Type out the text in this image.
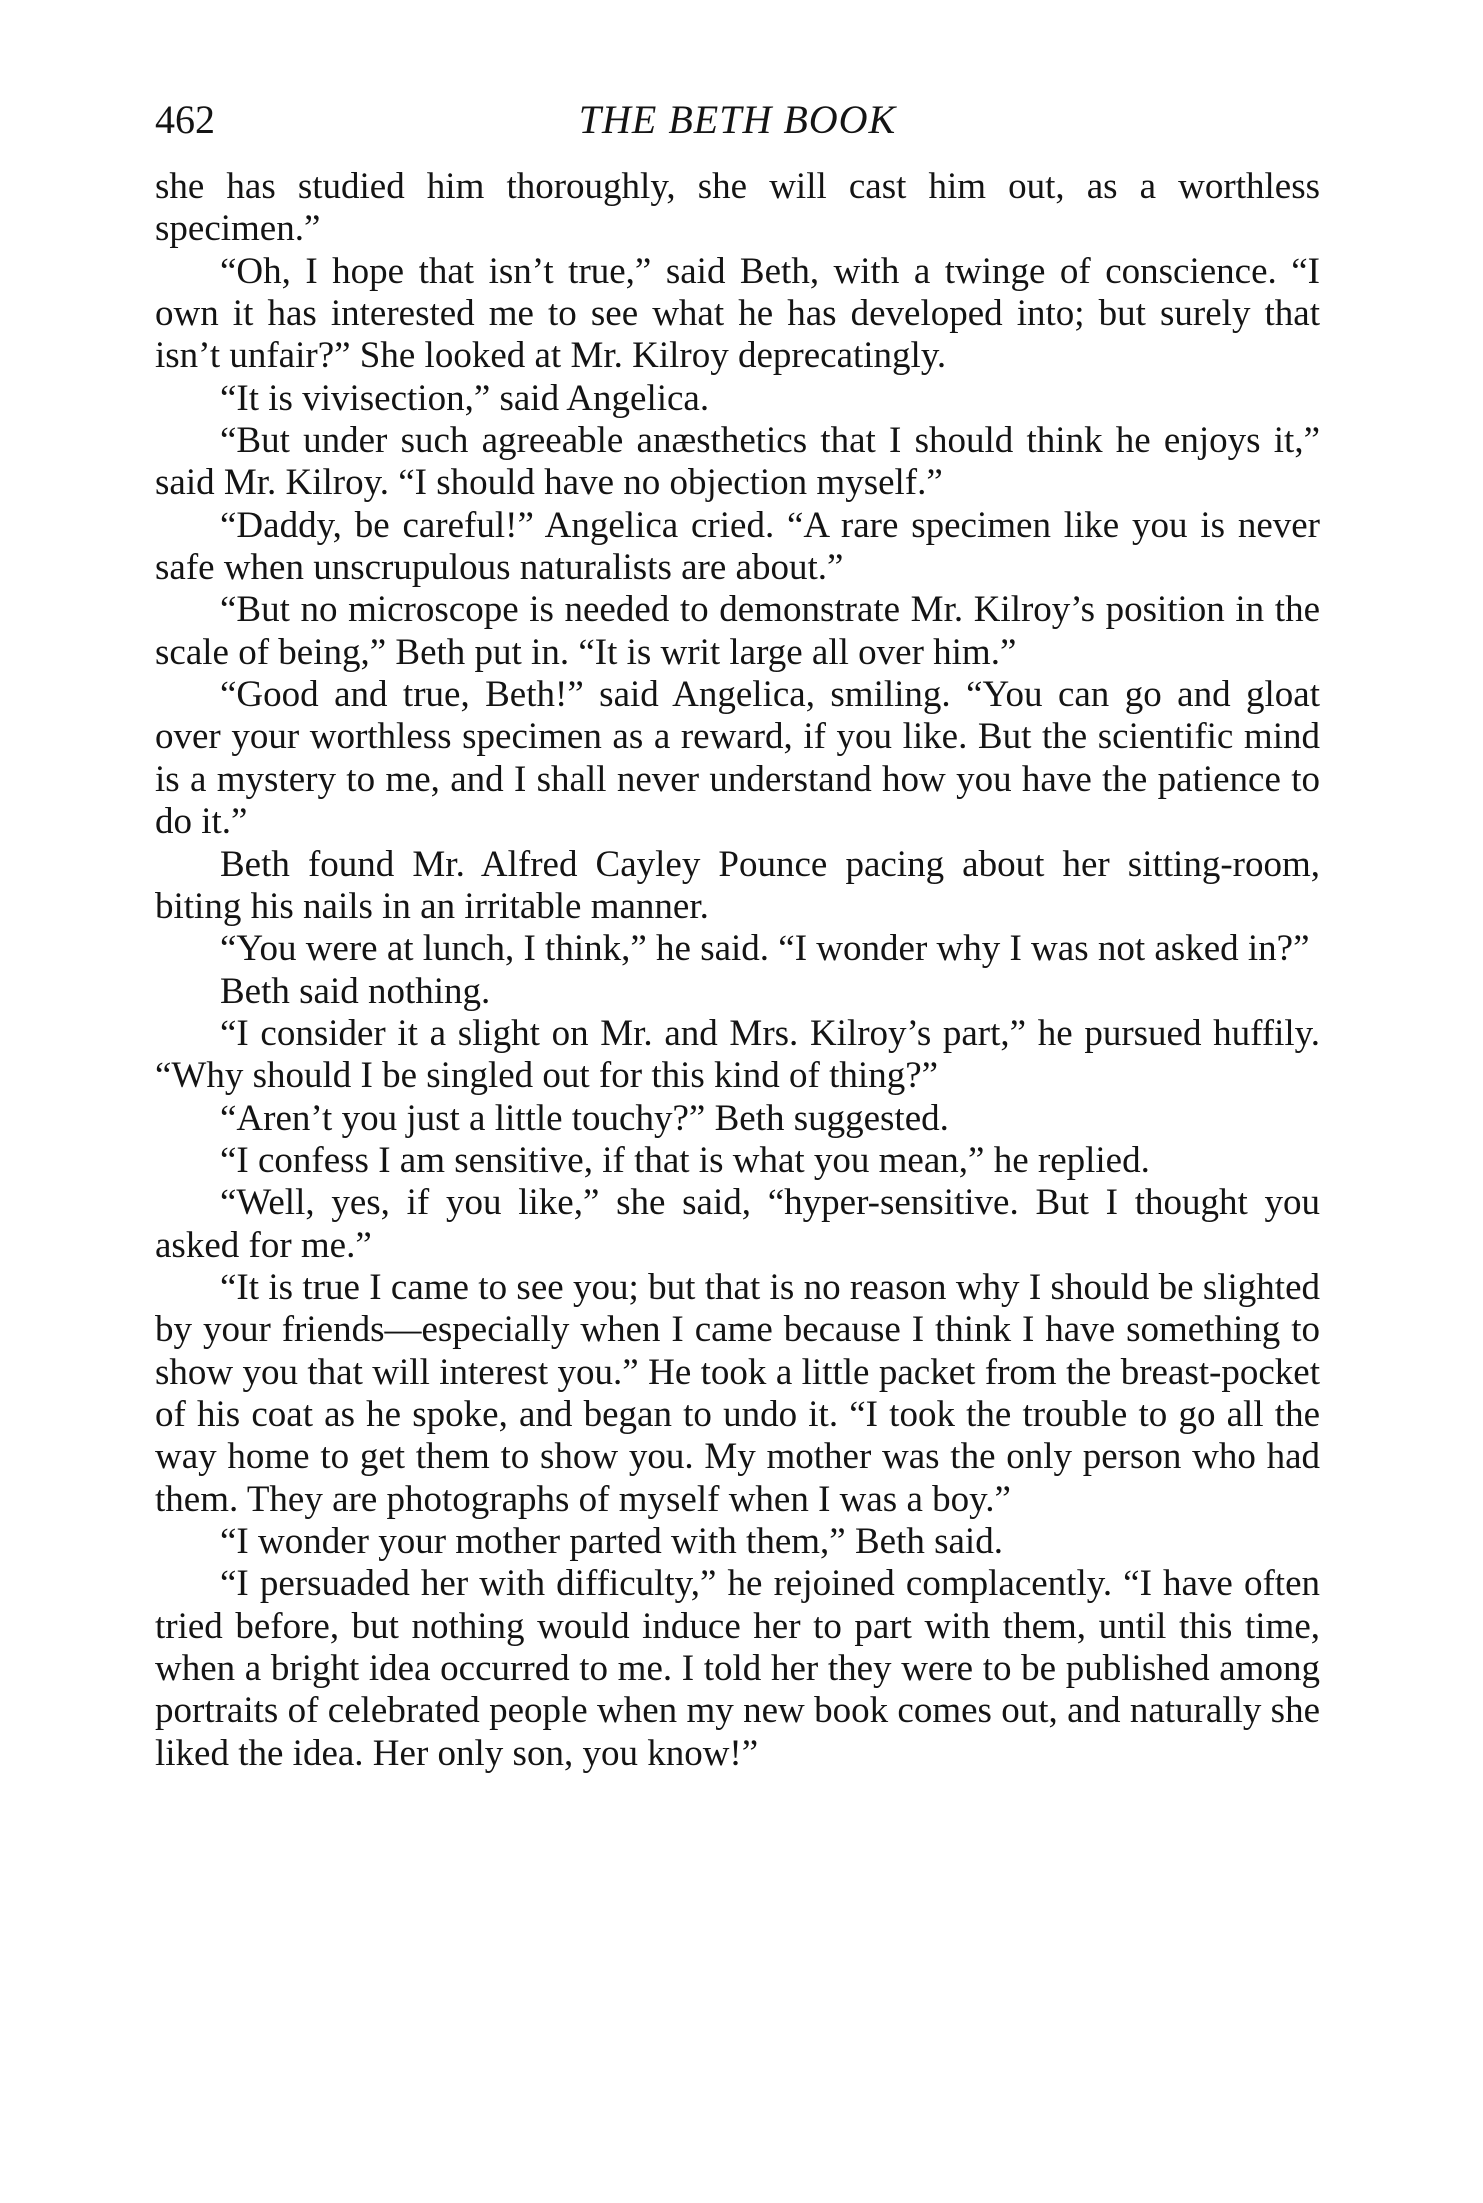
462	THE BETH BOOK

she has studied him thoroughly, she will cast him out, as a worthless specimen.”

“Oh, I hope that isn’t true,” said Beth, with a twinge of conscience. “I own it has interested me to see what he has developed into; but surely that isn’t unfair?” She looked at Mr. Kilroy deprecatingly.

“It is vivisection,” said Angelica.

“But under such agreeable anæsthetics that I should think he enjoys it,” said Mr. Kilroy. “I should have no objection myself.”

“Daddy, be careful!” Angelica cried. “A rare specimen like you is never safe when unscrupulous naturalists are about.”

“But no microscope is needed to demonstrate Mr. Kilroy’s position in the scale of being,” Beth put in. “It is writ large all over him.”

“Good and true, Beth!” said Angelica, smiling. “You can go and gloat over your worthless specimen as a reward, if you like. But the scientific mind is a mystery to me, and I shall never understand how you have the patience to do it.”

Beth found Mr. Alfred Cayley Pounce pacing about her sitting-room, biting his nails in an irritable manner.

“You were at lunch, I think,” he said. “I wonder why I was not asked in?”

Beth said nothing.

“I consider it a slight on Mr. and Mrs. Kilroy’s part,” he pursued huffily. “Why should I be singled out for this kind of thing?”

“Aren’t you just a little touchy?” Beth suggested.

“I confess I am sensitive, if that is what you mean,” he replied.

“Well, yes, if you like,” she said, “hyper-sensitive. But I thought you asked for me.”

“It is true I came to see you; but that is no reason why I should be slighted by your friends—especially when I came because I think I have something to show you that will interest you.” He took a little packet from the breast-pocket of his coat as he spoke, and began to undo it. “I took the trouble to go all the way home to get them to show you. My mother was the only person who had them. They are photographs of myself when I was a boy.”

“I wonder your mother parted with them,” Beth said.

“I persuaded her with difficulty,” he rejoined complacently. “I have often tried before, but nothing would induce her to part with them, until this time, when a bright idea occurred to me. I told her they were to be published among portraits of celebrated people when my new book comes out, and naturally she liked the idea. Her only son, you know!”
